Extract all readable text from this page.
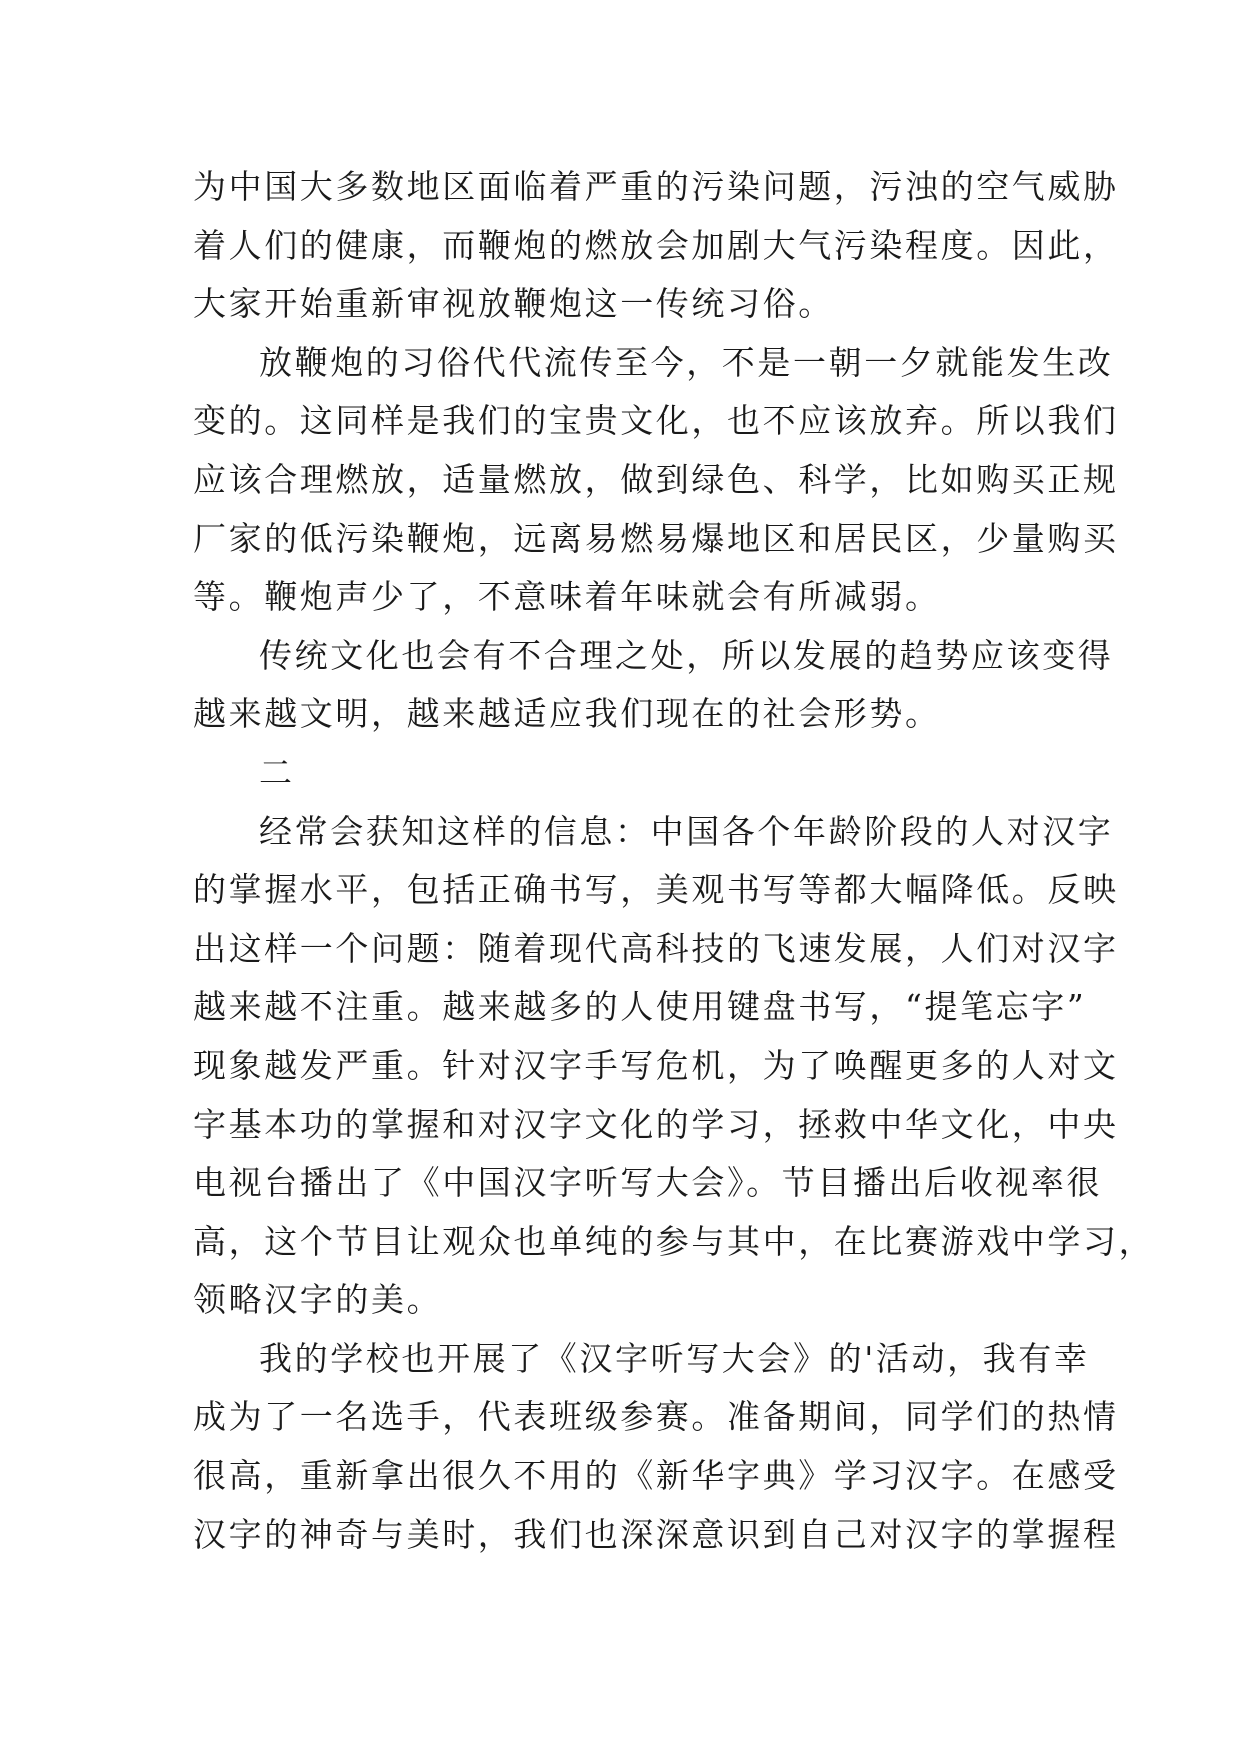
为中国大多数地区面临着严重的污染问题，污浊的空气威胁
着人们的健康，而鞭炮的燃放会加剧大气污染程度。因此，
大家开始重新审视放鞭炮这一传统习俗。
放鞭炮的习俗代代流传至今，不是一朝一夕就能发生改
变的。这同样是我们的宝贵文化，也不应该放弃。所以我们
应该合理燃放，适量燃放，做到绿色、科学，比如购买正规
厂家的低污染鞭炮，远离易燃易爆地区和居民区，少量购买
等。鞭炮声少了，不意味着年味就会有所减弱。
传统文化也会有不合理之处，所以发展的趋势应该变得
越来越文明，越来越适应我们现在的社会形势。
二
经常会获知这样的信息：中国各个年龄阶段的人对汉字
的掌握水平，包括正确书写，美观书写等都大幅降低。反映
出这样一个问题：随着现代高科技的飞速发展，人们对汉字
越来越不注重。越来越多的人使用键盘书写，“提笔忘字”
现象越发严重。针对汉字手写危机，为了唤醒更多的人对文
字基本功的掌握和对汉字文化的学习，拯救中华文化，中央
电视台播出了《中国汉字听写大会》。节目播出后收视率很
高，这个节目让观众也单纯的参与其中，在比赛游戏中学习，
领略汉字的美。
我的学校也开展了《汉字听写大会》的'活动，我有幸
成为了一名选手，代表班级参赛。准备期间，同学们的热情
很高，重新拿出很久不用的《新华字典》学习汉字。在感受
汉字的神奇与美时，我们也深深意识到自己对汉字的掌握程
